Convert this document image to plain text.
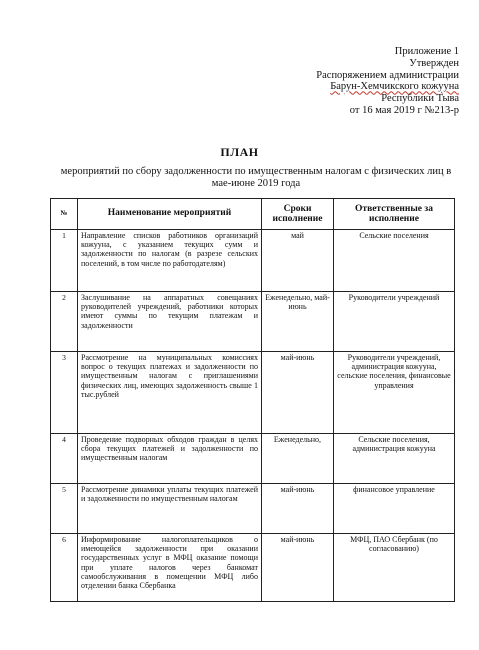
Приложение 1
Утвержден
Распоряжением администрации
Барун-Хемчикского кожууна
Республики Тыва
от 16 мая 2019 г №213-р
ПЛАН
мероприятий по сбору задолженности по имущественным налогам с физических лиц в мае-июне 2019 года
№	Наименование мероприятий	Сроки исполнение	Ответственные за исполнение
1	Направление списков работников организаций кожууна, с указанием текущих сумм и задолженности по налогам (в разрезе сельских поселений, в том числе по работодателям)	май	Сельские поселения
2	Заслушивание на аппаратных совещаниях руководителей учреждений, работники которых имеют суммы по текущим платежам и задолженности	Еженедельно, май-июнь	Руководители учреждений
3	Рассмотрение на муниципальных комиссиях вопрос о текущих платежах и задолженности по имущественным налогам с приглашениями физических лиц, имеющих задолженность свыше 1 тыс.рублей	май-июнь	Руководители учреждений, администрация кожууна, сельские поселения, финансовые управления
4	Проведение подворных обходов граждан в целях сбора текущих платежей и задолженности по имущественным налогам	Еженедельно,	Сельские поселения, администрация кожууна
5	Рассмотрение динамики уплаты текущих платежей и задолженности по имущественным налогам	май-июнь	финансовое управление
6	Информирование налогоплательщиков о имеющейся задолженности при оказании государственных услуг в МФЦ оказание помощи при уплате налогов через банкомат самообслуживания в помещении МФЦ либо отделении банка Сбербанка	май-июнь	МФЦ, ПАО Сбербанк (по согласованию)
